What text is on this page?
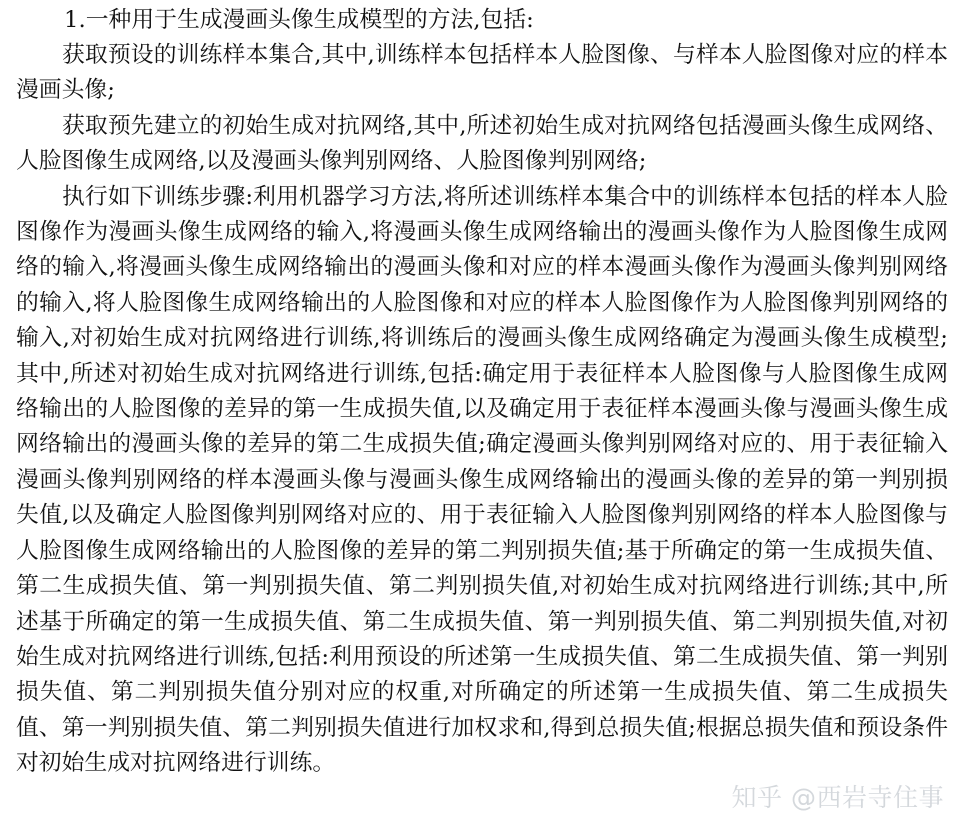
1.一种用于生成漫画头像生成模型的方法,包括:

获取预设的训练样本集合,其中,训练样本包括样本人脸图像、与样本人脸图像对应的样本漫画头像;

获取预先建立的初始生成对抗网络,其中,所述初始生成对抗网络包括漫画头像生成网络、人脸图像生成网络,以及漫画头像判别网络、人脸图像判别网络;

执行如下训练步骤:利用机器学习方法,将所述训练样本集合中的训练样本包括的样本人脸图像作为漫画头像生成网络的输入,将漫画头像生成网络输出的漫画头像作为人脸图像生成网络的输入,将漫画头像生成网络输出的漫画头像和对应的样本漫画头像作为漫画头像判别网络的输入,将人脸图像生成网络输出的人脸图像和对应的样本人脸图像作为人脸图像判别网络的输入,对初始生成对抗网络进行训练,将训练后的漫画头像生成网络确定为漫画头像生成模型;其中,所述对初始生成对抗网络进行训练,包括:确定用于表征样本人脸图像与人脸图像生成网络输出的人脸图像的差异的第一生成损失值,以及确定用于表征样本漫画头像与漫画头像生成网络输出的漫画头像的差异的第二生成损失值;确定漫画头像判别网络对应的、用于表征输入漫画头像判别网络的样本漫画头像与漫画头像生成网络输出的漫画头像的差异的第一判别损失值,以及确定人脸图像判别网络对应的、用于表征输入人脸图像判别网络的样本人脸图像与人脸图像生成网络输出的人脸图像的差异的第二判别损失值;基于所确定的第一生成损失值、第二生成损失值、第一判别损失值、第二判别损失值,对初始生成对抗网络进行训练;其中,所述基于所确定的第一生成损失值、第二生成损失值、第一判别损失值、第二判别损失值,对初始生成对抗网络进行训练,包括:利用预设的所述第一生成损失值、第二生成损失值、第一判别损失值、第二判别损失值分别对应的权重,对所确定的所述第一生成损失值、第二生成损失值、第一判别损失值、第二判别损失值进行加权求和,得到总损失值;根据总损失值和预设条件对初始生成对抗网络进行训练。

知乎 @西岩寺住事
